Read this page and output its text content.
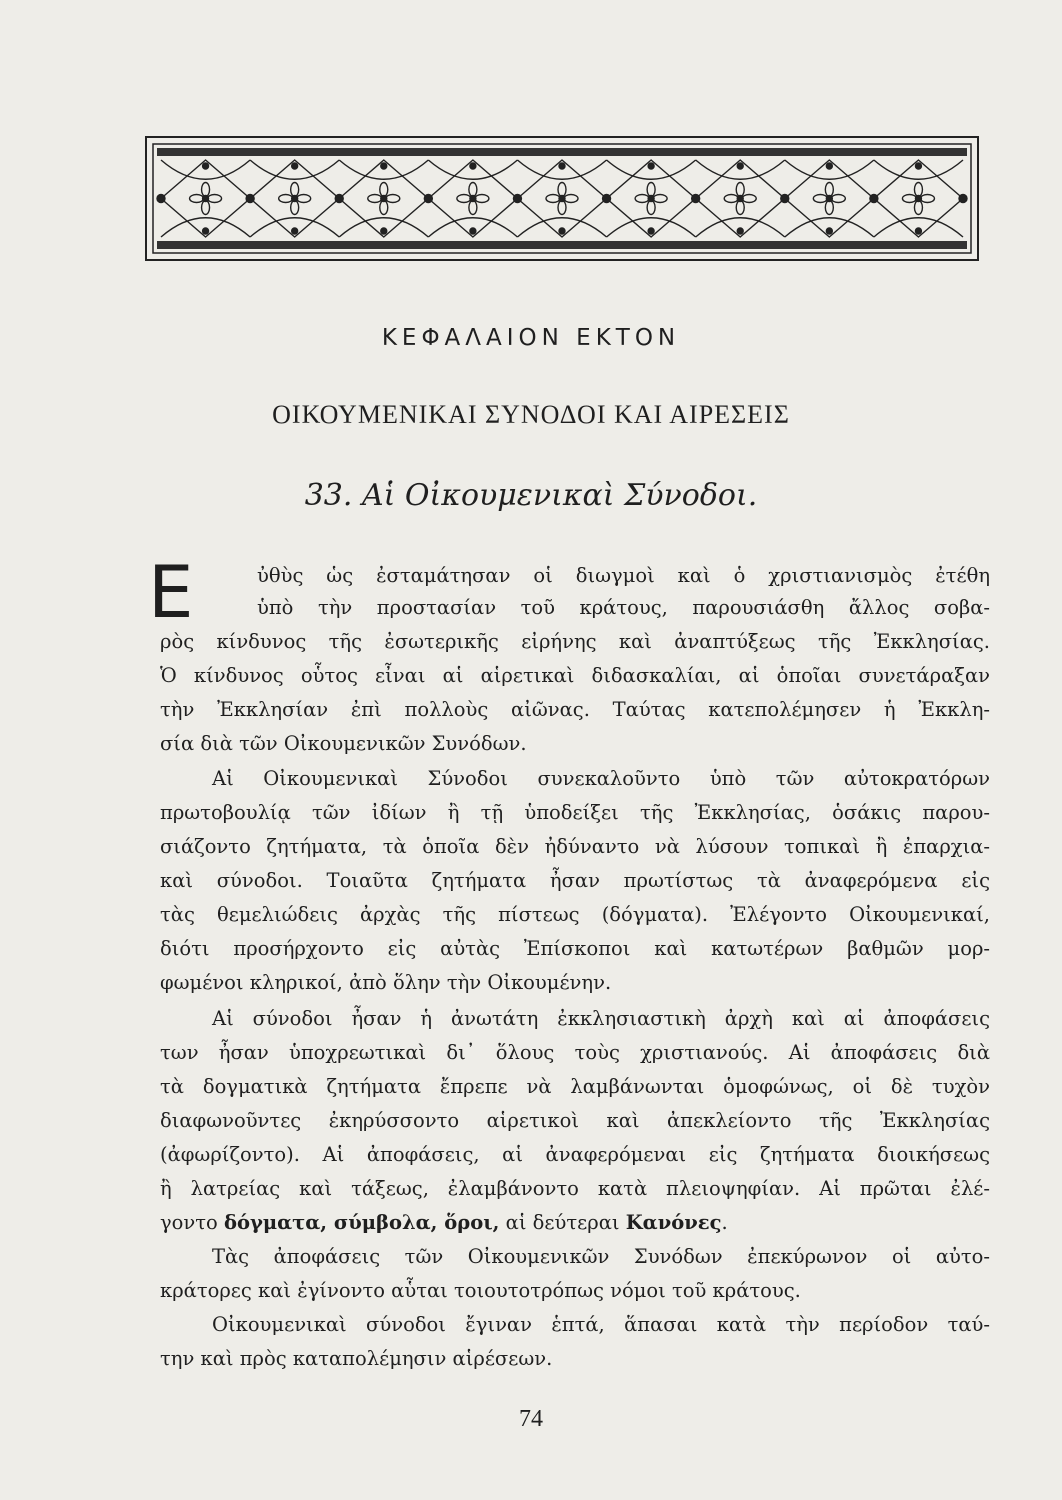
ΚΕΦΑΛΑΙΟΝ ΕΚΤΟΝ
ΟΙΚΟΥΜΕΝΙΚΑΙ ΣΥΝΟΔΟΙ ΚΑΙ ΑΙΡΕΣΕΙΣ
33. Αἱ Οἰκουμενικαὶ Σύνοδοι.
Ε	ὐθὺς ὡς ἐσταμάτησαν οἱ διωγμοὶ καὶ ὁ χριστιανισμὸς ἐτέθη
ὑπὸ τὴν προστασίαν τοῦ κράτους, παρουσιάσθη ἄλλος σοβα-
ρὸς κίνδυνος τῆς ἐσωτερικῆς εἰρήνης καὶ ἀναπτύξεως τῆς Ἐκκλησίας.
Ὁ κίνδυνος οὗτος εἶναι αἱ αἱρετικαὶ διδασκαλίαι, αἱ ὁποῖαι συνετάραξαν
τὴν Ἐκκλησίαν ἐπὶ πολλοὺς αἰῶνας. Ταύτας κατεπολέμησεν ἡ Ἐκκλη-
σία διὰ τῶν Οἰκουμενικῶν Συνόδων.
Αἱ Οἰκουμενικαὶ Σύνοδοι συνεκαλοῦντο ὑπὸ τῶν αὐτοκρατόρων
πρωτοβουλίᾳ τῶν ἰδίων ἢ τῇ ὑποδείξει τῆς Ἐκκλησίας, ὁσάκις παρου-
σιάζοντο ζητήματα, τὰ ὁποῖα δὲν ἠδύναντο νὰ λύσουν τοπικαὶ ἢ ἐπαρχια-
καὶ σύνοδοι. Τοιαῦτα ζητήματα ἦσαν πρωτίστως τὰ ἀναφερόμενα εἰς
τὰς θεμελιώδεις ἀρχὰς τῆς πίστεως (δόγματα). Ἐλέγοντο Οἰκουμενικαί,
διότι προσήρχοντο εἰς αὐτὰς Ἐπίσκοποι καὶ κατωτέρων βαθμῶν μορ-
φωμένοι κληρικοί, ἀπὸ ὅλην τὴν Οἰκουμένην.
Αἱ σύνοδοι ἦσαν ἡ ἀνωτάτη ἐκκλησιαστικὴ ἀρχὴ καὶ αἱ ἀποφάσεις
των ἦσαν ὑποχρεωτικαὶ δι᾽ ὅλους τοὺς χριστιανούς. Αἱ ἀποφάσεις διὰ
τὰ δογματικὰ ζητήματα ἔπρεπε νὰ λαμβάνωνται ὁμοφώνως, οἱ δὲ τυχὸν
διαφωνοῦντες ἐκηρύσσοντο αἱρετικοὶ καὶ ἀπεκλείοντο τῆς Ἐκκλησίας
(ἀφωρίζοντο). Αἱ ἀποφάσεις, αἱ ἀναφερόμεναι εἰς ζητήματα διοικήσεως
ἢ λατρείας καὶ τάξεως, ἐλαμβάνοντο κατὰ πλειοψηφίαν. Αἱ πρῶται ἐλέ-
γοντο δόγματα, σύμβολα, ὅροι, αἱ δεύτεραι Κανόνες.
Τὰς ἀποφάσεις τῶν Οἰκουμενικῶν Συνόδων ἐπεκύρωνον οἱ αὐτο-
κράτορες καὶ ἐγίνοντο αὗται τοιουτοτρόπως νόμοι τοῦ κράτους.
Οἰκουμενικαὶ σύνοδοι ἔγιναν ἑπτά, ἅπασαι κατὰ τὴν περίοδον ταύ-
την καὶ πρὸς καταπολέμησιν αἱρέσεων.
74
